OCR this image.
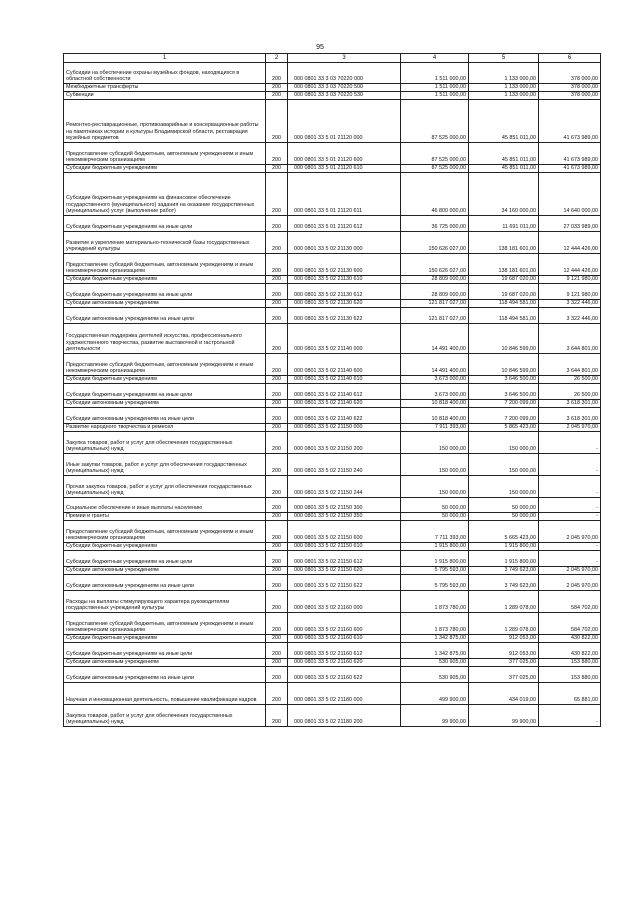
95
1	2	3	4	5	6
Субсидии на обеспечение охраны музейных фондов, находящихся в областной собственности	200	000 0801 33 3 03 70220 000	1 511 000,00	1 133 000,00	378 000,00
Межбюджетные трансферты	200	000 0801 33 3 03 70220 500	1 511 000,00	1 133 000,00	378 000,00
Субвенции	200	000 0801 33 3 03 70220 530	1 511 000,00	1 133 000,00	378 000,00
Ремонтно-реставрационные, противоаварийные и консервационные работы на памятниках истории и культуры Владимирской области, реставрация музейных предметов	200	000 0801 33 5 01 21120 000	87 525 000,00	45 851 011,00	41 673 989,00
Предоставление субсидий бюджетным, автономным учреждениям и иным некоммерческим организациям	200	000 0801 33 5 01 21120 600	87 525 000,00	45 851 011,00	41 673 989,00
Субсидии бюджетным учреждениям	200	000 0801 33 5 01 21120 610	87 525 000,00	45 851 011,00	41 673 989,00
Субсидии бюджетным учреждениям на финансовое обеспечение государственного (муниципального) задания на оказание государственных (муниципальных) услуг (выполнение работ)	200	000 0801 33 5 01 21120 611	46 800 000,00	34 160 000,00	14 640 000,00
Субсидии бюджетным учреждениям на иные цели	200	000 0801 33 5 01 21120 612	36 725 000,00	11 691 011,00	27 033 989,00
Развитие и укрепление материально-технической базы государственных учреждений культуры	200	000 0801 33 5 02 21130 000	150 626 027,00	138 181 601,00	12 444 426,00
Предоставление субсидий бюджетным, автономным учреждениям и иным некоммерческим организациям	200	000 0801 33 5 02 21130 600	150 626 027,00	138 181 601,00	12 444 426,00
Субсидии бюджетным учреждениям	200	000 0801 33 5 02 21130 610	28 809 000,00	19 687 020,00	9 121 980,00
Субсидии бюджетным учреждениям на иные цели	200	000 0801 33 5 02 21130 612	28 809 000,00	19 687 020,00	9 121 980,00
Субсидии автономным учреждениям	200	000 0801 33 5 02 21130 620	121 817 027,00	118 494 581,00	3 322 446,00
Субсидии автономным учреждениям на иные цели	200	000 0801 33 5 02 21130 622	121 817 027,00	118 494 581,00	3 322 446,00
Государственная поддержка деятелей искусства, профессионального художественного творчества, развитие выставочной и гастрольной деятельности	200	000 0801 33 5 02 21140 000	14 491 400,00	10 846 599,00	3 644 801,00
Предоставление субсидий бюджетным, автономным учреждениям и иным некоммерческим организациям	200	000 0801 33 5 02 21140 600	14 491 400,00	10 846 599,00	3 644 801,00
Субсидии бюджетным учреждениям	200	000 0801 33 5 02 21140 610	3 673 000,00	3 646 500,00	26 500,00
Субсидии бюджетным учреждениям на иные цели	200	000 0801 33 5 02 21140 612	3 673 000,00	3 646 500,00	26 500,00
Субсидии автономным учреждениям	200	000 0801 33 5 02 21140 620	10 818 400,00	7 200 099,00	3 618 301,00
Субсидии автономным учреждениям на иные цели	200	000 0801 33 5 02 21140 622	10 818 400,00	7 200 099,00	3 618 301,00
Развитие народного творчества и ремесел	200	000 0801 33 5 02 21150 000	7 911 393,00	5 865 423,00	2 045 970,00
Закупка товаров, работ и услуг для обеспечения государственных (муниципальных) нужд	200	000 0801 33 5 02 21150 200	150 000,00	150 000,00	-
Иные закупки товаров, работ и услуг для обеспечения государственных (муниципальных) нужд	200	000 0801 33 5 02 21150 240	150 000,00	150 000,00	-
Прочая закупка товаров, работ и услуг для обеспечения государственных (муниципальных) нужд	200	000 0801 33 5 02 21150 244	150 000,00	150 000,00	-
Социальное обеспечение и иные выплаты населению	200	000 0801 33 5 02 21150 300	50 000,00	50 000,00	-
Премии и гранты	200	000 0801 33 5 02 21150 350	50 000,00	50 000,00	-
Предоставление субсидий бюджетным, автономным учреждениям и иным некоммерческим организациям	200	000 0801 33 5 02 21150 600	7 711 393,00	5 665 423,00	2 045 970,00
Субсидии бюджетным учреждениям	200	000 0801 33 5 02 21150 610	1 915 800,00	1 915 800,00	-
Субсидии бюджетным учреждениям на иные цели	200	000 0801 33 5 02 21150 612	1 915 800,00	1 915 800,00	-
Субсидии автономным учреждениям	200	000 0801 33 5 02 21150 620	5 795 593,00	3 749 623,00	2 045 970,00
Субсидии автономным учреждениям на иные цели	200	000 0801 33 5 02 21150 622	5 795 593,00	3 749 623,00	2 045 970,00
Расходы на выплаты стимулирующего характера руководителям государственных учреждений культуры	200	000 0801 33 5 02 21160 000	1 873 780,00	1 289 078,00	584 702,00
Предоставление субсидий бюджетным, автономным учреждениям и иным некоммерческим организациям	200	000 0801 33 5 02 21160 600	1 873 780,00	1 289 078,00	584 702,00
Субсидии бюджетным учреждениям	200	000 0801 33 5 02 21160 610	1 342 875,00	912 053,00	430 822,00
Субсидии бюджетным учреждениям на иные цели	200	000 0801 33 5 02 21160 612	1 342 875,00	912 053,00	430 822,00
Субсидии автономным учреждениям	200	000 0801 33 5 02 21160 620	530 905,00	377 025,00	153 880,00
Субсидии автономным учреждениям на иные цели	200	000 0801 33 5 02 21160 622	530 905,00	377 025,00	153 880,00
Научная и инновационная деятельность, повышение квалификации кадров	200	000 0801 33 5 02 21180 000	499 900,00	434 019,00	65 881,00
Закупка товаров, работ и услуг для обеспечения государственных (муниципальных) нужд	200	000 0801 33 5 02 21180 200	99 900,00	99 900,00	-
